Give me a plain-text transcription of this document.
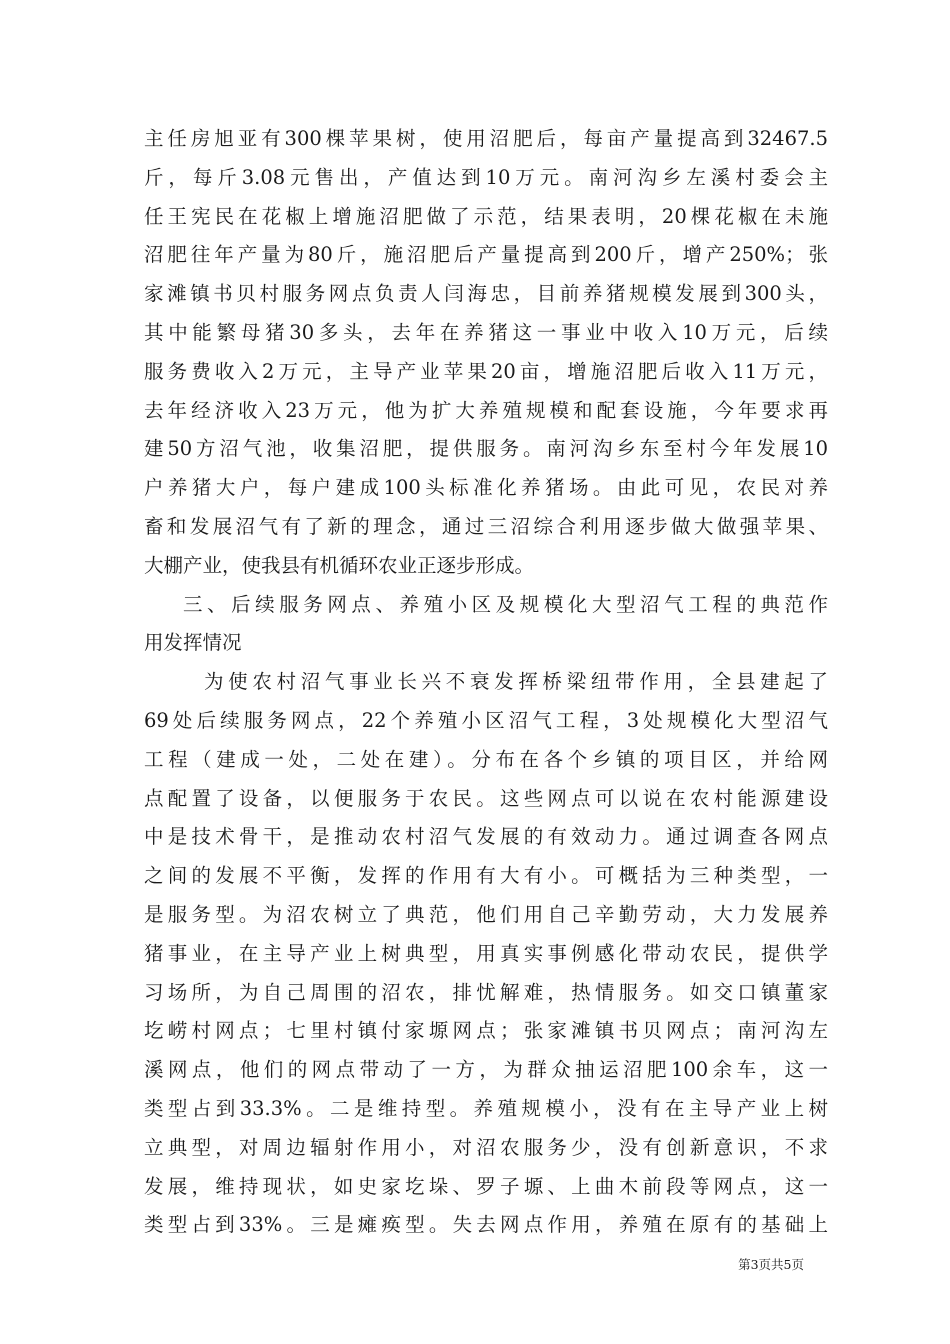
主任房旭亚有300棵苹果树，使用沼肥后，每亩产量提高到32467.5
斤，每斤3.08元售出，产值达到10万元。南河沟乡左溪村委会主
任王宪民在花椒上增施沼肥做了示范，结果表明，20棵花椒在未施
沼肥往年产量为80斤，施沼肥后产量提高到200斤，增产250%；张
家滩镇书贝村服务网点负责人闫海忠，目前养猪规模发展到300头，
其中能繁母猪30多头，去年在养猪这一事业中收入10万元，后续
服务费收入2万元，主导产业苹果20亩，增施沼肥后收入11万元，
去年经济收入23万元，他为扩大养殖规模和配套设施，今年要求再
建50方沼气池，收集沼肥，提供服务。南河沟乡东至村今年发展10
户养猪大户，每户建成100头标准化养猪场。由此可见，农民对养
畜和发展沼气有了新的理念，通过三沼综合利用逐步做大做强苹果、
大棚产业，使我县有机循环农业正逐步形成。
三、后续服务网点、养殖小区及规模化大型沼气工程的典范作
用发挥情况
为使农村沼气事业长兴不衰发挥桥梁纽带作用，全县建起了
69处后续服务网点，22个养殖小区沼气工程，3处规模化大型沼气
工程（建成一处，二处在建）。分布在各个乡镇的项目区，并给网
点配置了设备，以便服务于农民。这些网点可以说在农村能源建设
中是技术骨干，是推动农村沼气发展的有效动力。通过调查各网点
之间的发展不平衡，发挥的作用有大有小。可概括为三种类型，一
是服务型。为沼农树立了典范，他们用自己辛勤劳动，大力发展养
猪事业，在主导产业上树典型，用真实事例感化带动农民，提供学
习场所，为自己周围的沼农，排忧解难，热情服务。如交口镇董家
圪崂村网点；七里村镇付家塬网点；张家滩镇书贝网点；南河沟左
溪网点，他们的网点带动了一方，为群众抽运沼肥100余车，这一
类型占到33.3%。二是维持型。养殖规模小，没有在主导产业上树
立典型，对周边辐射作用小，对沼农服务少，没有创新意识，不求
发展，维持现状，如史家圪垛、罗子塬、上曲木前段等网点，这一
类型占到33%。三是瘫痪型。失去网点作用，养殖在原有的基础上
第3页共5页
